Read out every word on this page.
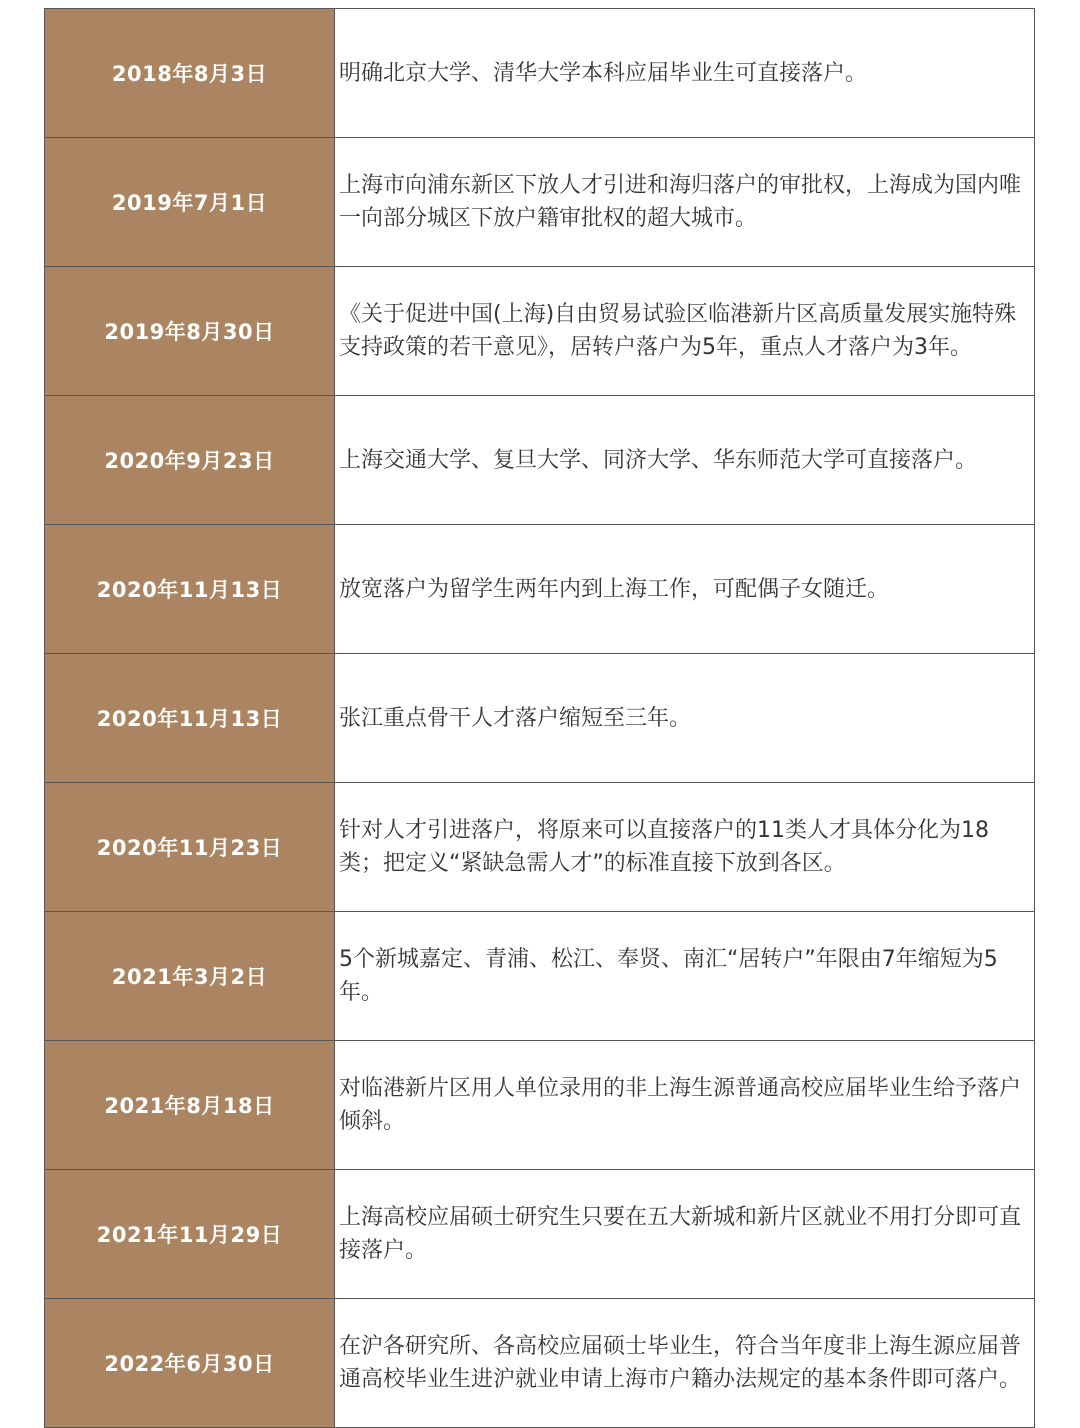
2018年8月3日	明确北京大学、清华大学本科应届毕业生可直接落户。

2019年7月1日	上海市向浦东新区下放人才引进和海归落户的审批权，上海成为国内唯一向部分城区下放户籍审批权的超大城市。

2019年8月30日	《关于促进中国(上海)自由贸易试验区临港新片区高质量发展实施特殊支持政策的若干意见》，居转户落户为5年，重点人才落户为3年。

2020年9月23日	上海交通大学、复旦大学、同济大学、华东师范大学可直接落户。

2020年11月13日	放宽落户为留学生两年内到上海工作，可配偶子女随迁。

2020年11月13日	张江重点骨干人才落户缩短至三年。

2020年11月23日	针对人才引进落户，将原来可以直接落户的11类人才具体分化为18类；把定义“紧缺急需人才”的标准直接下放到各区。

2021年3月2日	5个新城嘉定、青浦、松江、奉贤、南汇“居转户”年限由7年缩短为5年。

2021年8月18日	对临港新片区用人单位录用的非上海生源普通高校应届毕业生给予落户倾斜。

2021年11月29日	上海高校应届硕士研究生只要在五大新城和新片区就业不用打分即可直接落户。

2022年6月30日	在沪各研究所、各高校应届硕士毕业生，符合当年度非上海生源应届普通高校毕业生进沪就业申请上海市户籍办法规定的基本条件即可落户。
